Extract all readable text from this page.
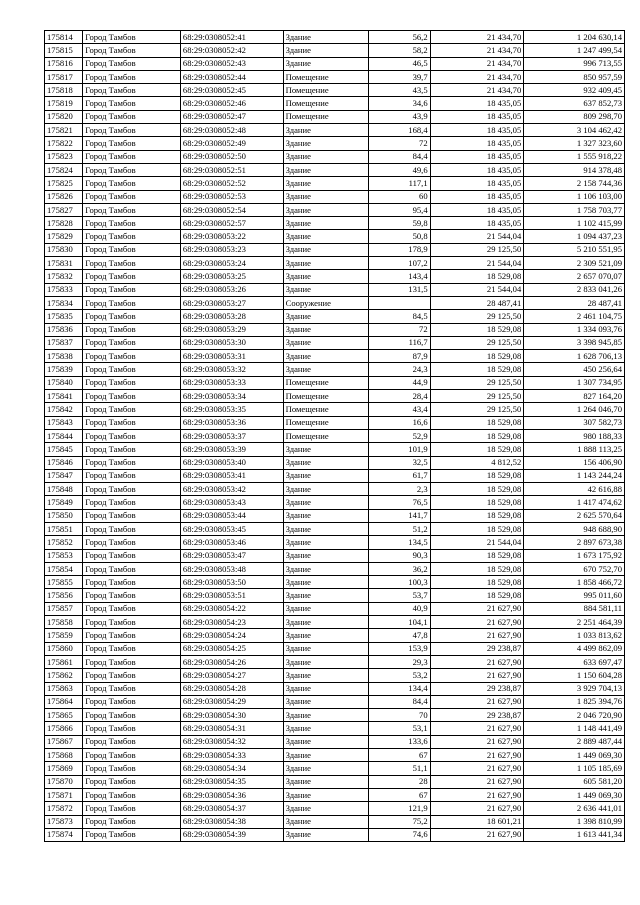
175814	Город Тамбов	68:29:0308052:41	Здание	56,2	21 434,70	1 204 630,14
175815	Город Тамбов	68:29:0308052:42	Здание	58,2	21 434,70	1 247 499,54
175816	Город Тамбов	68:29:0308052:43	Здание	46,5	21 434,70	996 713,55
175817	Город Тамбов	68:29:0308052:44	Помещение	39,7	21 434,70	850 957,59
175818	Город Тамбов	68:29:0308052:45	Помещение	43,5	21 434,70	932 409,45
175819	Город Тамбов	68:29:0308052:46	Помещение	34,6	18 435,05	637 852,73
175820	Город Тамбов	68:29:0308052:47	Помещение	43,9	18 435,05	809 298,70
175821	Город Тамбов	68:29:0308052:48	Здание	168,4	18 435,05	3 104 462,42
175822	Город Тамбов	68:29:0308052:49	Здание	72	18 435,05	1 327 323,60
175823	Город Тамбов	68:29:0308052:50	Здание	84,4	18 435,05	1 555 918,22
175824	Город Тамбов	68:29:0308052:51	Здание	49,6	18 435,05	914 378,48
175825	Город Тамбов	68:29:0308052:52	Здание	117,1	18 435,05	2 158 744,36
175826	Город Тамбов	68:29:0308052:53	Здание	60	18 435,05	1 106 103,00
175827	Город Тамбов	68:29:0308052:54	Здание	95,4	18 435,05	1 758 703,77
175828	Город Тамбов	68:29:0308052:57	Здание	59,8	18 435,05	1 102 415,99
175829	Город Тамбов	68:29:0308053:22	Здание	50,8	21 544,04	1 094 437,23
175830	Город Тамбов	68:29:0308053:23	Здание	178,9	29 125,50	5 210 551,95
175831	Город Тамбов	68:29:0308053:24	Здание	107,2	21 544,04	2 309 521,09
175832	Город Тамбов	68:29:0308053:25	Здание	143,4	18 529,08	2 657 070,07
175833	Город Тамбов	68:29:0308053:26	Здание	131,5	21 544,04	2 833 041,26
175834	Город Тамбов	68:29:0308053:27	Сооружение		28 487,41	28 487,41
175835	Город Тамбов	68:29:0308053:28	Здание	84,5	29 125,50	2 461 104,75
175836	Город Тамбов	68:29:0308053:29	Здание	72	18 529,08	1 334 093,76
175837	Город Тамбов	68:29:0308053:30	Здание	116,7	29 125,50	3 398 945,85
175838	Город Тамбов	68:29:0308053:31	Здание	87,9	18 529,08	1 628 706,13
175839	Город Тамбов	68:29:0308053:32	Здание	24,3	18 529,08	450 256,64
175840	Город Тамбов	68:29:0308053:33	Помещение	44,9	29 125,50	1 307 734,95
175841	Город Тамбов	68:29:0308053:34	Помещение	28,4	29 125,50	827 164,20
175842	Город Тамбов	68:29:0308053:35	Помещение	43,4	29 125,50	1 264 046,70
175843	Город Тамбов	68:29:0308053:36	Помещение	16,6	18 529,08	307 582,73
175844	Город Тамбов	68:29:0308053:37	Помещение	52,9	18 529,08	980 188,33
175845	Город Тамбов	68:29:0308053:39	Здание	101,9	18 529,08	1 888 113,25
175846	Город Тамбов	68:29:0308053:40	Здание	32,5	4 812,52	156 406,90
175847	Город Тамбов	68:29:0308053:41	Здание	61,7	18 529,08	1 143 244,24
175848	Город Тамбов	68:29:0308053:42	Здание	2,3	18 529,08	42 616,88
175849	Город Тамбов	68:29:0308053:43	Здание	76,5	18 529,08	1 417 474,62
175850	Город Тамбов	68:29:0308053:44	Здание	141,7	18 529,08	2 625 570,64
175851	Город Тамбов	68:29:0308053:45	Здание	51,2	18 529,08	948 688,90
175852	Город Тамбов	68:29:0308053:46	Здание	134,5	21 544,04	2 897 673,38
175853	Город Тамбов	68:29:0308053:47	Здание	90,3	18 529,08	1 673 175,92
175854	Город Тамбов	68:29:0308053:48	Здание	36,2	18 529,08	670 752,70
175855	Город Тамбов	68:29:0308053:50	Здание	100,3	18 529,08	1 858 466,72
175856	Город Тамбов	68:29:0308053:51	Здание	53,7	18 529,08	995 011,60
175857	Город Тамбов	68:29:0308054:22	Здание	40,9	21 627,90	884 581,11
175858	Город Тамбов	68:29:0308054:23	Здание	104,1	21 627,90	2 251 464,39
175859	Город Тамбов	68:29:0308054:24	Здание	47,8	21 627,90	1 033 813,62
175860	Город Тамбов	68:29:0308054:25	Здание	153,9	29 238,87	4 499 862,09
175861	Город Тамбов	68:29:0308054:26	Здание	29,3	21 627,90	633 697,47
175862	Город Тамбов	68:29:0308054:27	Здание	53,2	21 627,90	1 150 604,28
175863	Город Тамбов	68:29:0308054:28	Здание	134,4	29 238,87	3 929 704,13
175864	Город Тамбов	68:29:0308054:29	Здание	84,4	21 627,90	1 825 394,76
175865	Город Тамбов	68:29:0308054:30	Здание	70	29 238,87	2 046 720,90
175866	Город Тамбов	68:29:0308054:31	Здание	53,1	21 627,90	1 148 441,49
175867	Город Тамбов	68:29:0308054:32	Здание	133,6	21 627,90	2 889 487,44
175868	Город Тамбов	68:29:0308054:33	Здание	67	21 627,90	1 449 069,30
175869	Город Тамбов	68:29:0308054:34	Здание	51,1	21 627,90	1 105 185,69
175870	Город Тамбов	68:29:0308054:35	Здание	28	21 627,90	605 581,20
175871	Город Тамбов	68:29:0308054:36	Здание	67	21 627,90	1 449 069,30
175872	Город Тамбов	68:29:0308054:37	Здание	121,9	21 627,90	2 636 441,01
175873	Город Тамбов	68:29:0308054:38	Здание	75,2	18 601,21	1 398 810,99
175874	Город Тамбов	68:29:0308054:39	Здание	74,6	21 627,90	1 613 441,34
